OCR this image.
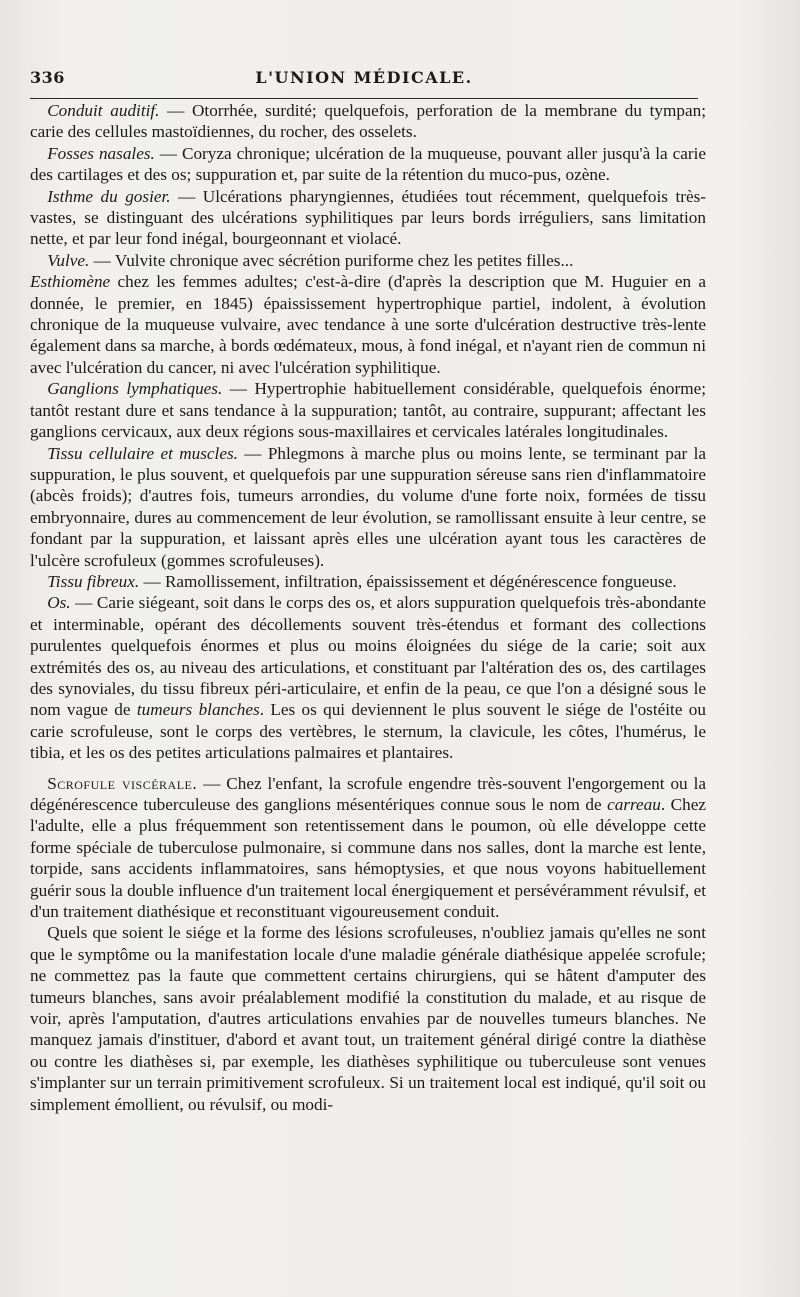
336	L'UNION MÉDICALE.

 Conduit auditif. — Otorrhée, surdité; quelquefois, perforation de la membrane du tympan; carie des cellules mastoïdiennes, du rocher, des osselets.

 Fosses nasales. — Coryza chronique; ulcération de la muqueuse, pouvant aller jusqu'à la carie des cartilages et des os; suppuration et, par suite de la rétention du muco-pus, ozène.

 Isthme du gosier. — Ulcérations pharyngiennes, étudiées tout récemment, quelquefois très-vastes, se distinguant des ulcérations syphilitiques par leurs bords irréguliers, sans limitation nette, et par leur fond inégal, bourgeonnant et violacé.

 Vulve. — Vulvite chronique avec sécrétion puriforme chez les petites filles...

Esthiomène chez les femmes adultes; c'est-à-dire (d'après la description que M. Huguier en a donnée, le premier, en 1845) épaississement hypertrophique partiel, indolent, à évolution chronique de la muqueuse vulvaire, avec tendance à une sorte d'ulcération destructive très-lente également dans sa marche, à bords œdémateux, mous, à fond inégal, et n'ayant rien de commun ni avec l'ulcération du cancer, ni avec l'ulcération syphilitique.

 Ganglions lymphatiques. — Hypertrophie habituellement considérable, quelquefois énorme; tantôt restant dure et sans tendance à la suppuration; tantôt, au contraire, suppurant; affectant les ganglions cervicaux, aux deux régions sous-maxillaires et cervicales latérales longitudinales.

 Tissu cellulaire et muscles. — Phlegmons à marche plus ou moins lente, se terminant par la suppuration, le plus souvent, et quelquefois par une suppuration séreuse sans rien d'inflammatoire (abcès froids); d'autres fois, tumeurs arrondies, du volume d'une forte noix, formées de tissu embryonnaire, dures au commencement de leur évolution, se ramollissant ensuite à leur centre, se fondant par la suppuration, et laissant après elles une ulcération ayant tous les caractères de l'ulcère scrofuleux (gommes scrofuleuses).

 Tissu fibreux. — Ramollissement, infiltration, épaississement et dégénérescence fongueuse.

 Os. — Carie siégeant, soit dans le corps des os, et alors suppuration quelquefois très-abondante et interminable, opérant des décollements souvent très-étendus et formant des collections purulentes quelquefois énormes et plus ou moins éloignées du siége de la carie; soit aux extrémités des os, au niveau des articulations, et constituant par l'altération des os, des cartilages des synoviales, du tissu fibreux péri-articulaire, et enfin de la peau, ce que l'on a désigné sous le nom vague de tumeurs blanches. Les os qui deviennent le plus souvent le siége de l'ostéite ou carie scrofuleuse, sont le corps des vertèbres, le sternum, la clavicule, les côtes, l'humérus, le tibia, et les os des petites articulations palmaires et plantaires.

 Scrofule viscérale. — Chez l'enfant, la scrofule engendre très-souvent l'engorgement ou la dégénérescence tuberculeuse des ganglions mésentériques connue sous le nom de carreau. Chez l'adulte, elle a plus fréquemment son retentissement dans le poumon, où elle développe cette forme spéciale de tuberculose pulmonaire, si commune dans nos salles, dont la marche est lente, torpide, sans accidents inflammatoires, sans hémoptysies, et que nous voyons habituellement guérir sous la double influence d'un traitement local énergiquement et persévéramment révulsif, et d'un traitement diathésique et reconstituant vigoureusement conduit.

 Quels que soient le siége et la forme des lésions scrofuleuses, n'oubliez jamais qu'elles ne sont que le symptôme ou la manifestation locale d'une maladie générale diathésique appelée scrofule; ne commettez pas la faute que commettent certains chirurgiens, qui se hâtent d'amputer des tumeurs blanches, sans avoir préalablement modifié la constitution du malade, et au risque de voir, après l'amputation, d'autres articulations envahies par de nouvelles tumeurs blanches. Ne manquez jamais d'instituer, d'abord et avant tout, un traitement général dirigé contre la diathèse ou contre les diathèses si, par exemple, les diathèses syphilitique ou tuberculeuse sont venues s'implanter sur un terrain primitivement scrofuleux. Si un traitement local est indiqué, qu'il soit ou simplement émollient, ou révulsif, ou modi-
